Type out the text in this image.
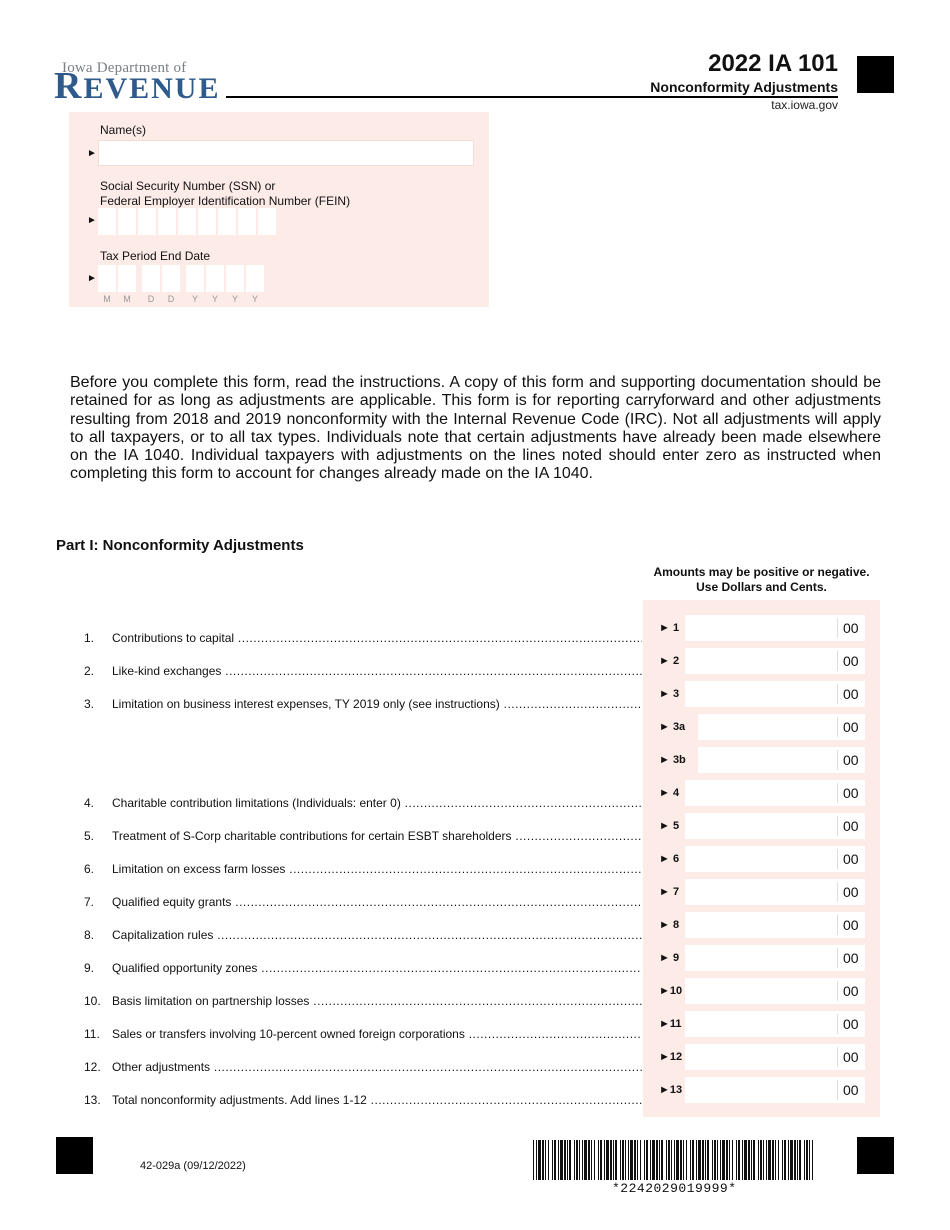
Iowa Department of
REVENUE
2022 IA 101
Nonconformity Adjustments
tax.iowa.gov
Name(s)
►
Social Security Number (SSN) or
Federal Employer Identification Number (FEIN)
►
Tax Period End Date
►
M	M	D	D	Y	Y	Y	Y
Before you complete this form, read the instructions. A copy of this form and supporting documentation should be retained for as long as adjustments are applicable. This form is for reporting carryforward and other adjustments resulting from 2018 and 2019 nonconformity with the Internal Revenue Code (IRC). Not all adjustments will apply to all taxpayers, or to all tax types. Individuals note that certain adjustments have already been made elsewhere on the IA 1040. Individual taxpayers with adjustments on the lines noted should enter zero as instructed when completing this form to account for changes already made on the IA 1040.
Part I: Nonconformity Adjustments
Amounts may be positive or negative.
Use Dollars and Cents.
1. Contributions to capital .....
► 1	00
2. Like-kind exchanges .....
► 2	00
3. Limitation on business interest expenses, TY 2019 only (see instructions) .....
► 3	00
► 3a	00
► 3b	00
4. Charitable contribution limitations (Individuals: enter 0) .....
► 4	00
5. Treatment of S-Corp charitable contributions for certain ESBT shareholders .....
► 5	00
6. Limitation on excess farm losses .....
► 6	00
7. Qualified equity grants .....
► 7	00
8. Capitalization rules .....
► 8	00
9. Qualified opportunity zones .....
► 9	00
10. Basis limitation on partnership losses .....
►10	00
11. Sales or transfers involving 10-percent owned foreign corporations .....
►11	00
12. Other adjustments .....
►12	00
13. Total nonconformity adjustments. Add lines 1-12 .....
►13	00
42-029a (09/12/2022)
*2242029019999*
